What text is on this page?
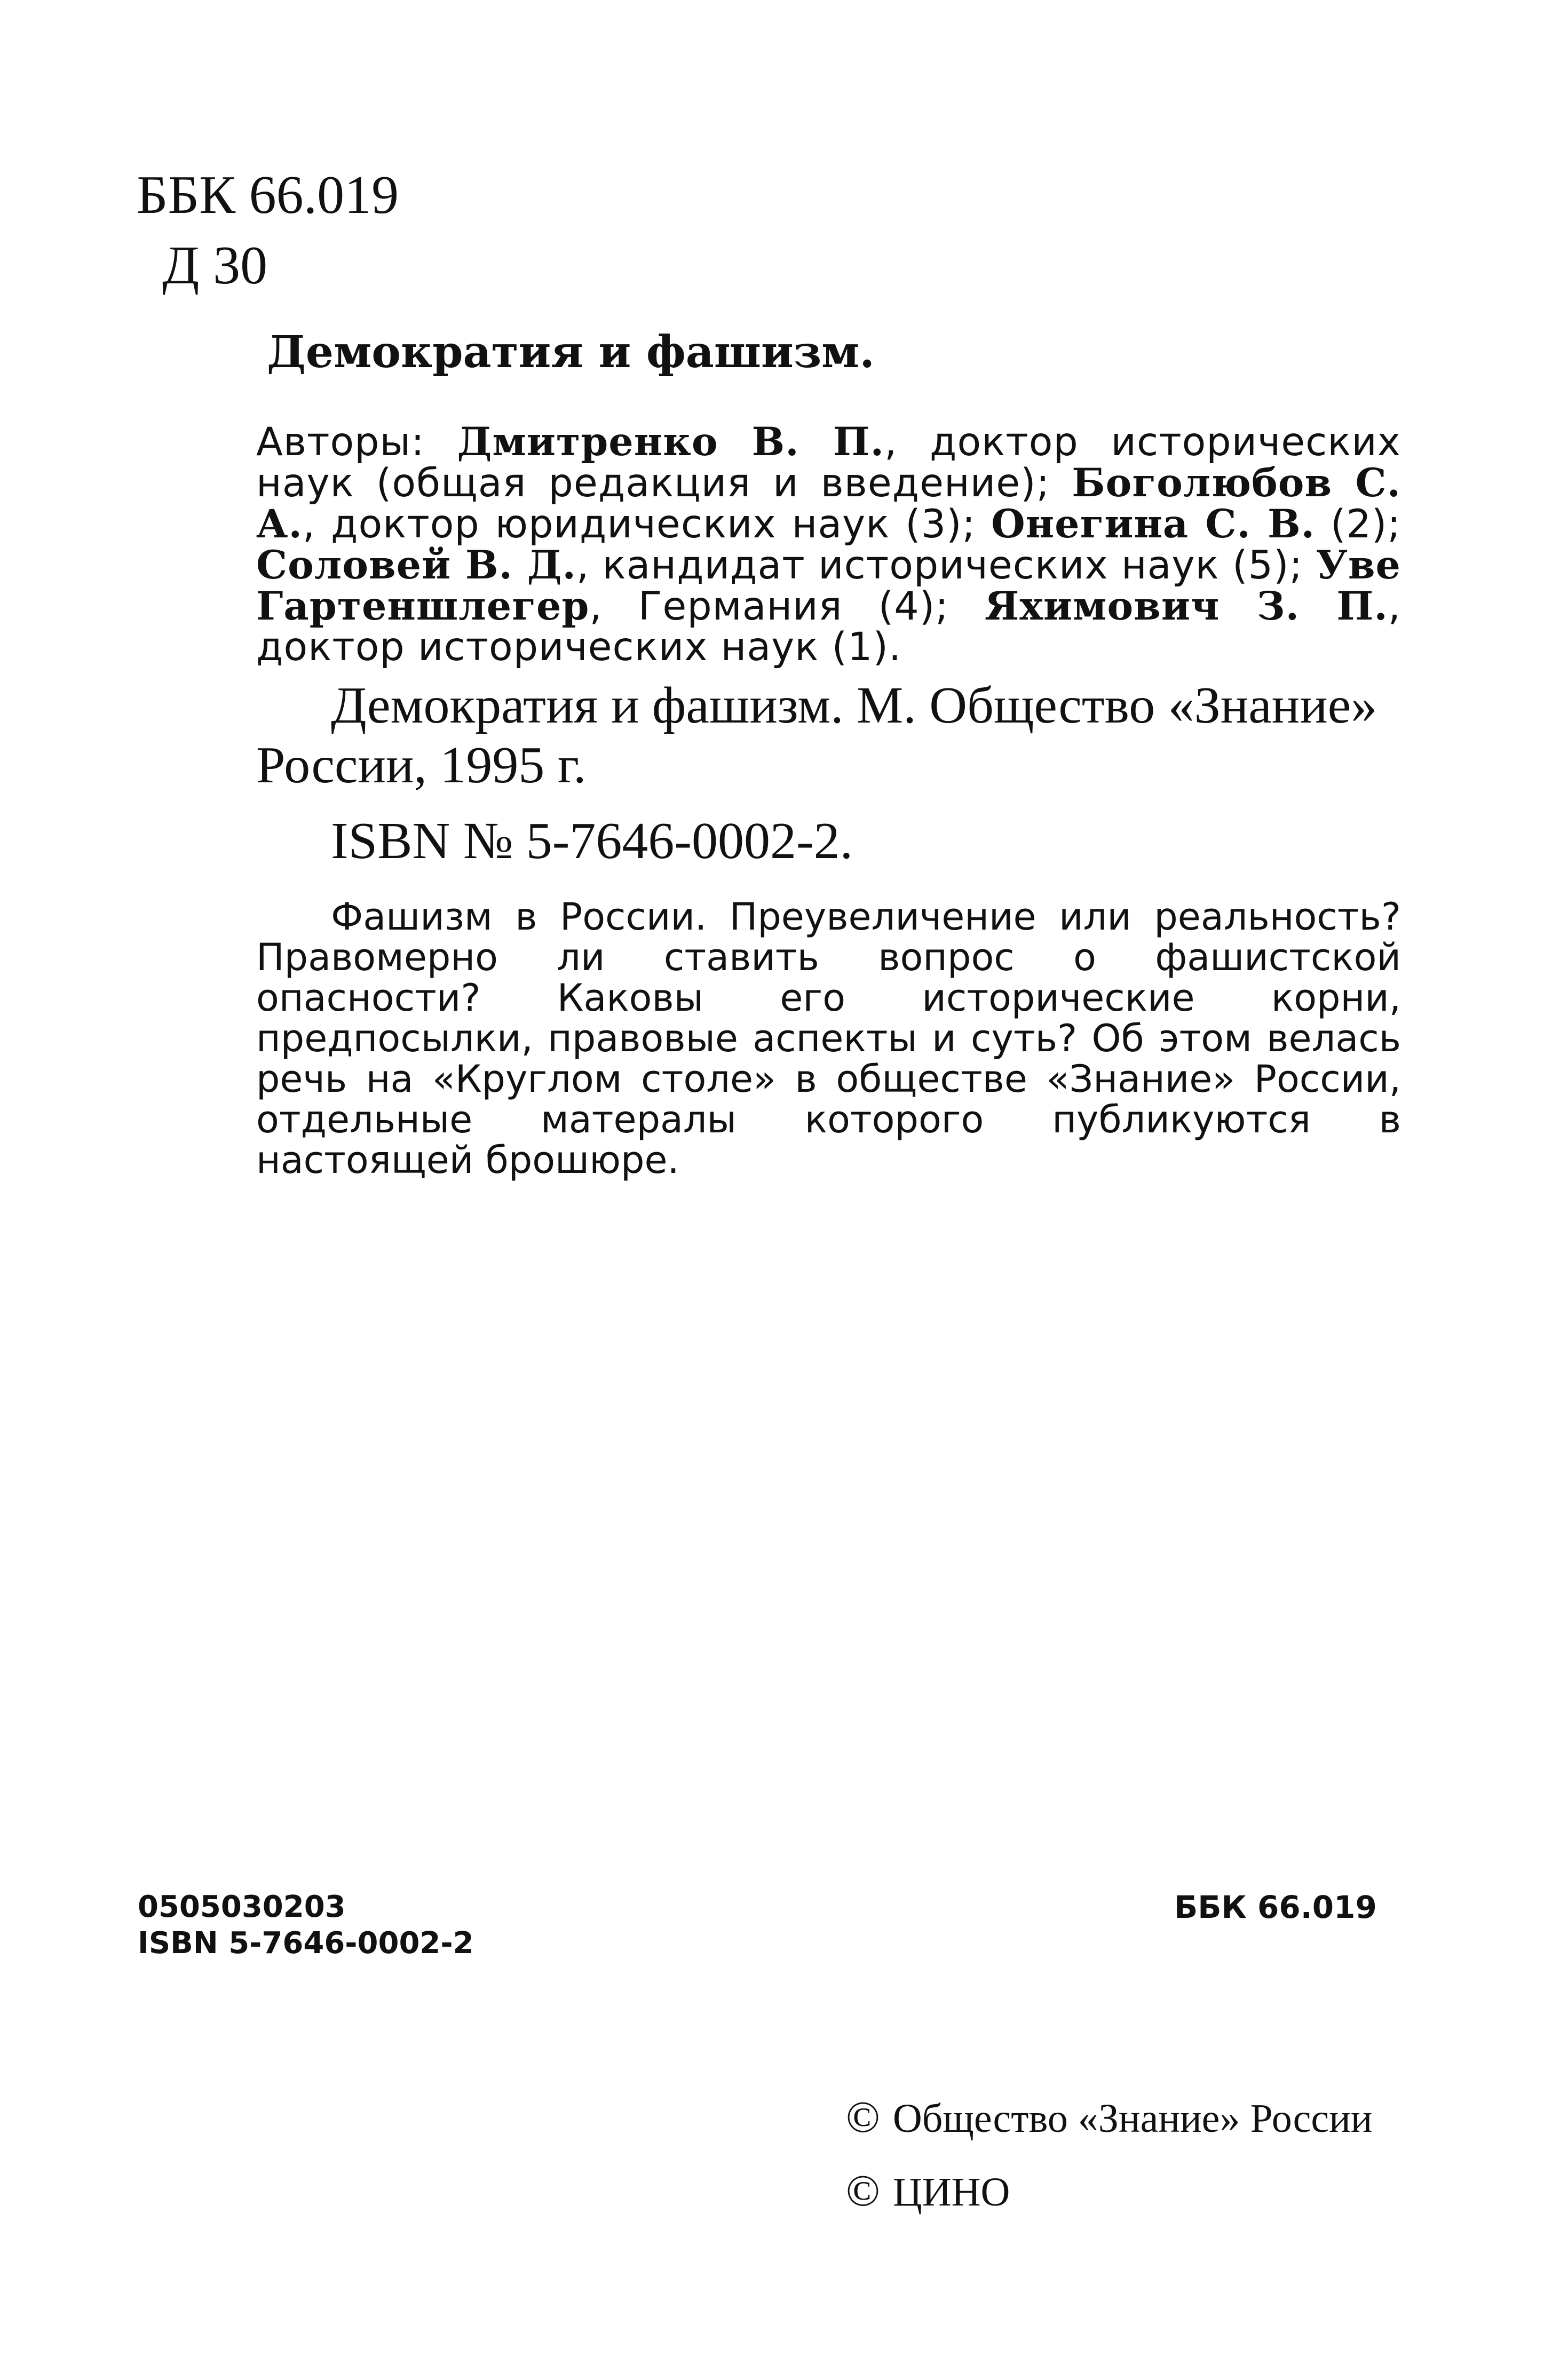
ББК 66.019
Д 30
Демократия и фашизм.
Авторы: Дмитренко В. П., доктор исторических наук (общая редакция и введение); Боголюбов С. А., доктор юридических наук (3); Онегина С. В. (2); Соловей В. Д., кандидат исторических наук (5); Уве Гартеншлегер, Германия (4); Яхимович З. П., доктор исторических наук (1).
Демократия и фашизм. М. Общество «Знание»
России, 1995 г.
ISBN № 5-7646-0002-2.
Фашизм в России. Преувеличение или реальность? Правомерно ли ставить вопрос о фашистской опасности? Каковы его исторические корни, предпосылки, правовые аспекты и суть? Об этом велась речь на «Круглом столе» в обществе «Знание» России, отдельные матералы которого публикуются в настоящей брошюре.
0505030203
ISBN 5-7646-0002-2
ББК 66.019
© Общество «Знание» России
© ЦИНО
